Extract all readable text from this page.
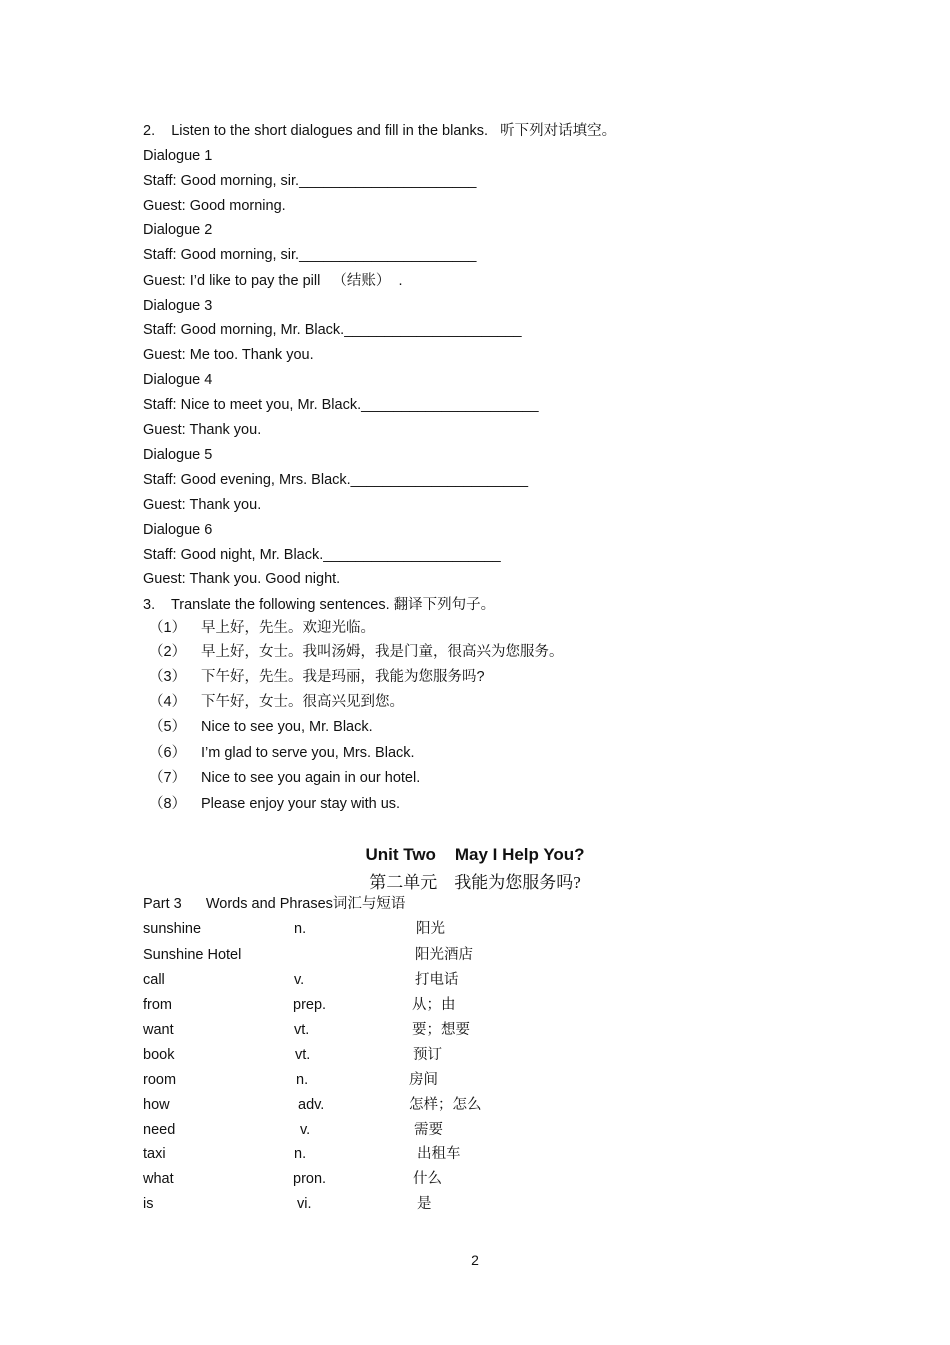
2.    Listen to the short dialogues and fill in the blanks.   听下列对话填空。
Dialogue 1
Staff: Good morning, sir.______________________
Guest: Good morning.
Dialogue 2
Staff: Good morning, sir.______________________
Guest: I’d like to pay the pill   （结账）  .
Dialogue 3
Staff: Good morning, Mr. Black.______________________
Guest: Me too. Thank you.
Dialogue 4
Staff: Nice to meet you, Mr. Black.______________________
Guest: Thank you.
Dialogue 5
Staff: Good evening, Mrs. Black.______________________
Guest: Thank you.
Dialogue 6
Staff: Good night, Mr. Black.______________________
Guest: Thank you. Good night.
3.    Translate the following sentences. 翻译下列句子。
（1） 早上好，先生。欢迎光临。
（2） 早上好，女士。我叫汤姆，我是门童，很高兴为您服务。
（3） 下午好，先生。我是玛丽，我能为您服务吗?
（4） 下午好，女士。很高兴见到您。
（5） Nice to see you, Mr. Black.
（6） I’m glad to serve you, Mrs. Black.
（7） Nice to see you again in our hotel.
（8） Please enjoy your stay with us.
Unit Two    May I Help You?
第二单元    我能为您服务吗?
Part 3      Words and Phrases词汇与短语
sunshine	n.	阳光
Sunshine Hotel	阳光酒店
call	v.	打电话
from	prep.	从；由
want	vt.	要；想要
book	vt.	预订
room	n.	房间
how	adv.	怎样；怎么
need	v.	需要
taxi	n.	出租车
what	pron.	什么
is	vi.	是
2
